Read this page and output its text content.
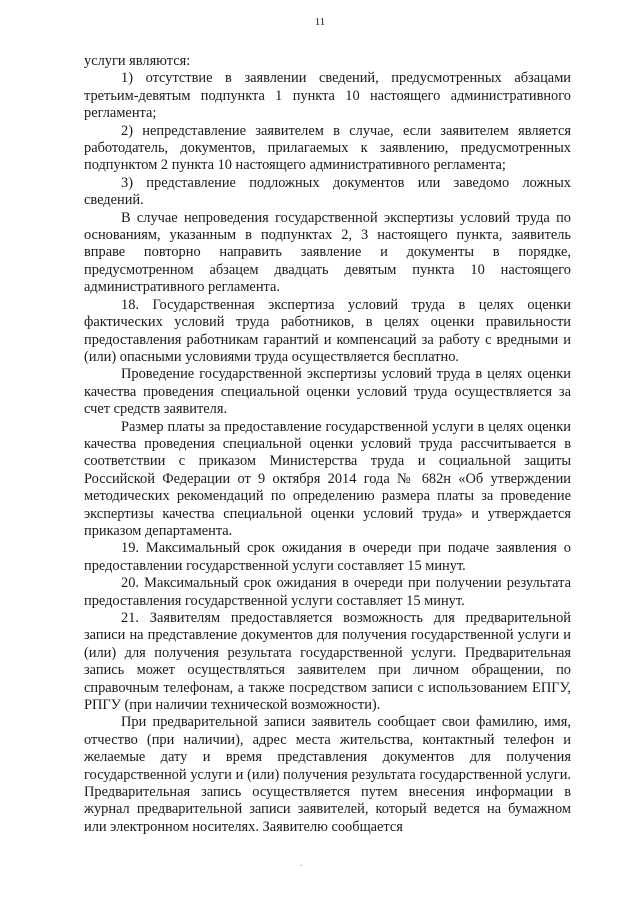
11

услуги являются:

1) отсутствие в заявлении сведений, предусмотренных абзацами третьим-девятым подпункта 1 пункта 10 настоящего административного регламента;

2) непредставление заявителем в случае, если заявителем является работодатель, документов, прилагаемых к заявлению, предусмотренных подпунктом 2 пункта 10 настоящего административного регламента;

3) представление подложных документов или заведомо ложных сведений.

В случае непроведения государственной экспертизы условий труда по основаниям, указанным в подпунктах 2, 3 настоящего пункта, заявитель вправе повторно направить заявление и документы в порядке, предусмотренном абзацем двадцать девятым пункта 10 настоящего административного регламента.

18. Государственная экспертиза условий труда в целях оценки фактических условий труда работников, в целях оценки правильности предоставления работникам гарантий и компенсаций за работу с вредными и (или) опасными условиями труда осуществляется бесплатно.

Проведение государственной экспертизы условий труда в целях оценки качества проведения специальной оценки условий труда осуществляется за счет средств заявителя.

Размер платы за предоставление государственной услуги в целях оценки качества проведения специальной оценки условий труда рассчитывается в соответствии с приказом Министерства труда и социальной защиты Российской Федерации от 9 октября 2014 года № 682н «Об утверждении методических рекомендаций по определению размера платы за проведение экспертизы качества специальной оценки условий труда» и утверждается приказом департамента.

19. Максимальный срок ожидания в очереди при подаче заявления о предоставлении государственной услуги составляет 15 минут.

20. Максимальный срок ожидания в очереди при получении результата предоставления государственной услуги составляет 15 минут.

21. Заявителям предоставляется возможность для предварительной записи на представление документов для получения государственной услуги и (или) для получения результата государственной услуги. Предварительная запись может осуществляться заявителем при личном обращении, по справочным телефонам, а также посредством записи с использованием ЕПГУ, РПГУ (при наличии технической возможности).

При предварительной записи заявитель сообщает свои фамилию, имя, отчество (при наличии), адрес места жительства, контактный телефон и желаемые дату и время представления документов для получения государственной услуги и (или) получения результата государственной услуги. Предварительная запись осуществляется путем внесения информации в журнал предварительной записи заявителей, который ведется на бумажном или электронном носителях. Заявителю сообщается

.
